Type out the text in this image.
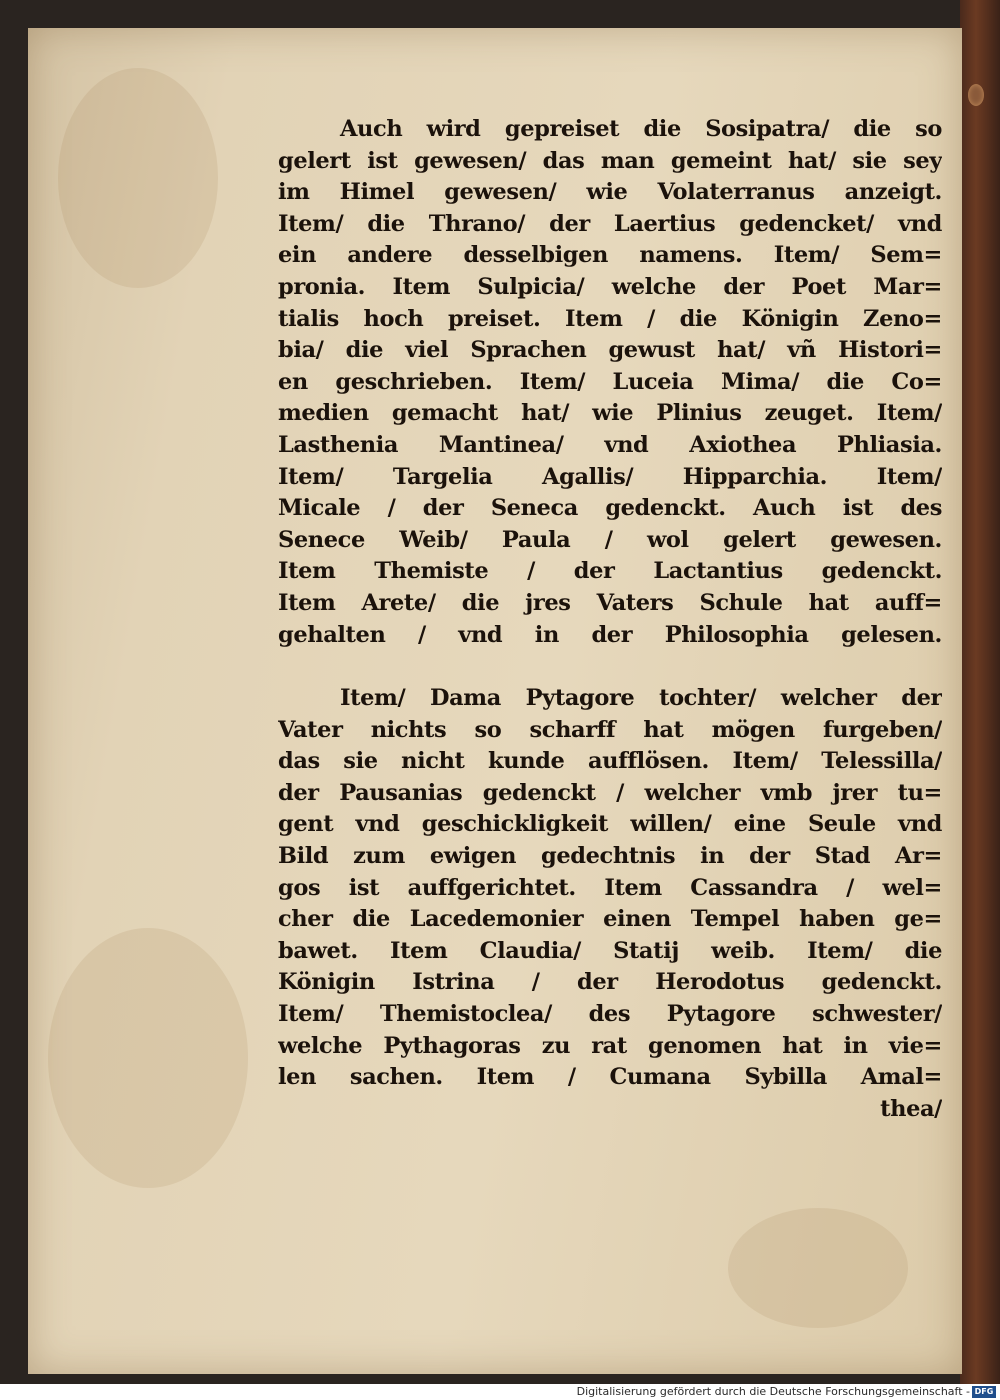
Auch wird gepreiset die Sosipatra/ die so
gelert ist gewesen/ das man gemeint hat/ sie sey
im Himel gewesen/ wie Volaterranus anzeigt.
Item/ die Thrano/ der Laertius gedencket/ vnd
ein andere desselbigen namens. Item/ Sem=
pronia. Item Sulpicia/ welche der Poet Mar=
tialis hoch preiset. Item / die Königin Zeno=
bia/ die viel Sprachen gewust hat/ vñ Histori=
en geschrieben. Item/ Luceia Mima/ die Co=
medien gemacht hat/ wie Plinius zeuget. Item/
Lasthenia Mantinea/ vnd Axiothea Phliasia.
Item/ Targelia Agallis/ Hipparchia. Item/
Micale / der Seneca gedenckt. Auch ist des
Senece Weib/ Paula / wol gelert gewesen.
Item Themiste / der Lactantius gedenckt.
Item Arete/ die jres Vaters Schule hat auff=
gehalten / vnd in der Philosophia gelesen.
Item/ Dama Pytagore tochter/ welcher der
Vater nichts so scharff hat mögen furgeben/
das sie nicht kunde aufflösen. Item/ Telessilla/
der Pausanias gedenckt / welcher vmb jrer tu=
gent vnd geschickligkeit willen/ eine Seule vnd
Bild zum ewigen gedechtnis in der Stad Ar=
gos ist auffgerichtet. Item Cassandra / wel=
cher die Lacedemonier einen Tempel haben ge=
bawet. Item Claudia/ Statij weib. Item/ die
Königin Istrina / der Herodotus gedenckt.
Item/ Themistoclea/ des Pytagore schwester/
welche Pythagoras zu rat genomen hat in vie=
len sachen. Item / Cumana Sybilla Amal=
thea/
Digitalisierung gefördert durch die Deutsche Forschungsgemeinschaft - DFG
